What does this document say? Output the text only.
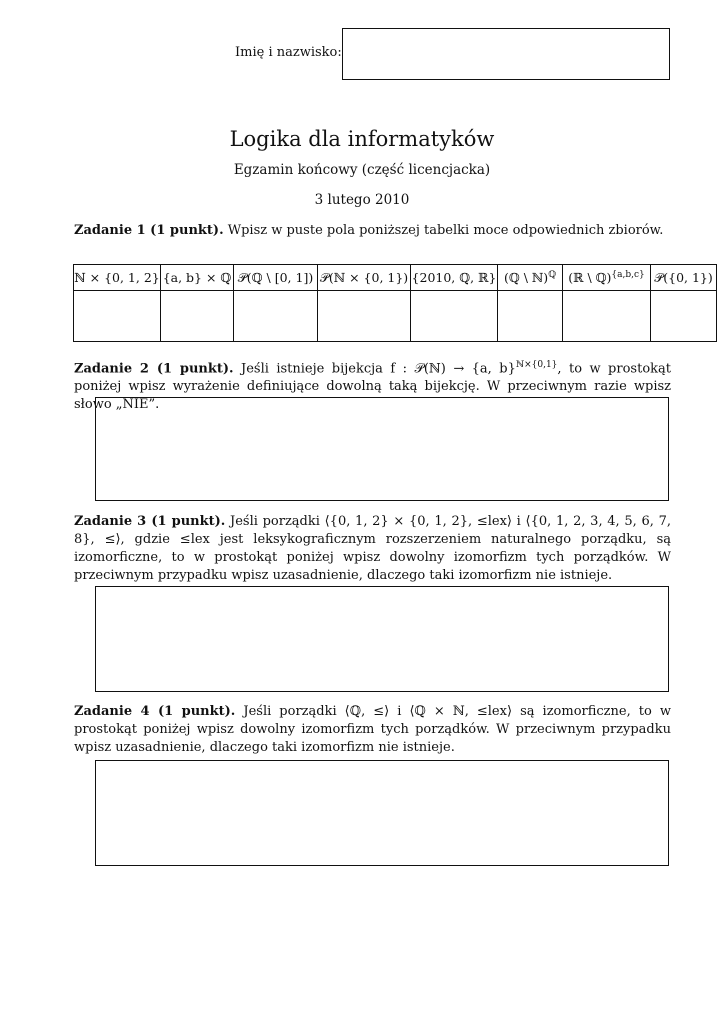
Imię i nazwisko:
Logika dla informatyków
Egzamin końcowy (część licencjacka)
3 lutego 2010
Zadanie 1 (1 punkt). Wpisz w puste pola poniższej tabelki moce odpowiednich zbiorów.
ℕ × {0, 1, 2}	{a, b} × ℚ	𝒫(ℚ \ [0, 1])	𝒫(ℕ × {0, 1})	{2010, ℚ, ℝ}	(ℚ \ ℕ)$^ℚ$	(ℝ \ ℚ)$^{\{a,b,c\}}$	𝒫({0, 1})

Zadanie 2 (1 punkt). Jeśli istnieje bijekcja f : 𝒫(ℕ) → {a, b}$^{ℕ\times\{0,1\}}$, to w prostokąt poniżej wpisz wyrażenie definiujące dowolną taką bijekcję. W przeciwnym razie wpisz słowo „NIE”.
Zadanie 3 (1 punkt). Jeśli porządki ⟨{0, 1, 2} × {0, 1, 2}, ≤lex⟩ i ⟨{0, 1, 2, 3, 4, 5, 6, 7, 8}, ≤⟩, gdzie ≤lex jest leksykograficznym rozszerzeniem naturalnego porządku, są izomorficzne, to w prostokąt poniżej wpisz dowolny izomorfizm tych porządków. W przeciwnym przypadku wpisz uzasadnienie, dlaczego taki izomorfizm nie istnieje.
Zadanie 4 (1 punkt). Jeśli porządki ⟨ℚ, ≤⟩ i ⟨ℚ × ℕ, ≤lex⟩ są izomorficzne, to w prostokąt poniżej wpisz dowolny izomorfizm tych porządków. W przeciwnym przypadku wpisz uzasadnienie, dlaczego taki izomorfizm nie istnieje.
